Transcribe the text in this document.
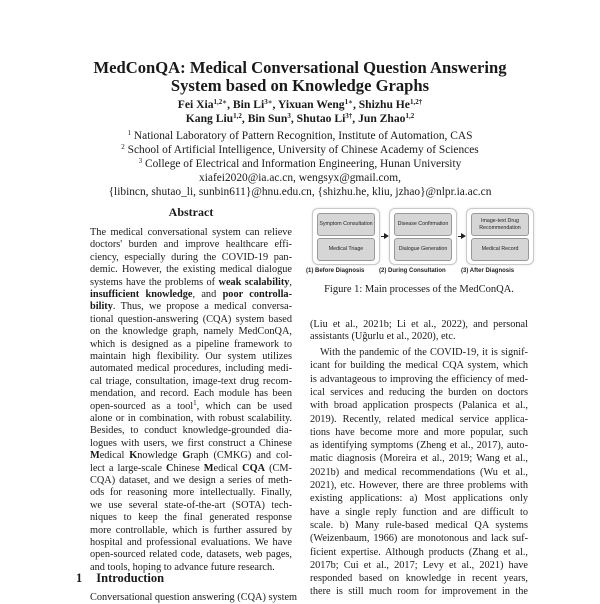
MedConQA: Medical Conversational Question Answering
System based on Knowledge Graphs
Fei Xia$^{1,2∗}$, Bin $Li^{3∗}$, Yixuan Weng$^{1∗}$, Shizhu $He^{1,2\dagger}$
Kang Liu$^{1,2}$, Bin Sun$^3$, Shutao $Li^{3\dagger}$, Jun Zhao$^{1,2}$
$^1$ National Laboratory of Pattern Recognition, Institute of Automation, CAS
$^2$ School of Artificial Intelligence, University of Chinese Academy of Sciences
$^3$ College of Electrical and Information Engineering, Hunan University
xiafei2020@ia.ac.cn, wengsyx@gmail.com,
{libincn, shutao_li, sunbin611}@hnu.edu.cn, {shizhu.he, kliu, jzhao}@nlpr.ia.ac.cn
Abstract
The medical conversational system can relieve
doctors' burden and improve healthcare effi-
ciency, especially during the COVID-19 pan-
demic. However, the existing medical dialogue
systems have the problems of weak scalability,
insufficient knowledge, and poor controlla-
bility. Thus, we propose a medical conversa-
tional question-answering (CQA) system based
on the knowledge graph, namely MedConQA,
which is designed as a pipeline framework to
maintain high flexibility. Our system utilizes
automated medical procedures, including medi-
cal triage, consultation, image-text drug recom-
mendation, and record. Each module has been
open-sourced as a tool$^1$, which can be used
alone or in combination, with robust scalability.
Besides, to conduct knowledge-grounded dia-
logues with users, we first construct a Chinese
Medical Knowledge Graph (CMKG) and col-
lect a large-scale Chinese Medical CQA (CM-
CQA) dataset, and we design a series of meth-
ods for reasoning more intellectually. Finally,
we use several state-of-the-art (SOTA) tech-
niques to keep the final generated response
more controllable, which is further assured by
hospital and professional evaluations. We have
open-sourced related code, datasets, web pages,
and tools, hoping to advance future research.
1 Introduction
Conversational question answering (CQA) system
Symptom Consultation
Medical Triage
(1) Before Diagnosis
Disease Confirmation
Dialogue Generation
(2) During Consultation
Image-text Drug Recommendation
Medical Record
(3) After Diagnosis
Figure 1: Main processes of the MedConQA.
(Liu et al., 2021b; Li et al., 2022), and personal
assistants (Uğurlu et al., 2020), etc.
With the pandemic of the COVID-19, it is signif-
icant for building the medical CQA system, which
is advantageous to improving the efficiency of med-
ical services and reducing the burden on doctors
with broad application prospects (Palanica et al.,
2019). Recently, related medical service applica-
tions have become more and more popular, such
as identifying symptoms (Zheng et al., 2017), auto-
matic diagnosis (Moreira et al., 2019; Wang et al.,
2021b) and medical recommendations (Wu et al.,
2021), etc. However, there are three problems with
existing applications: a) Most applications only
have a single reply function and are difficult to
scale. b) Many rule-based medical QA systems
(Weizenbaum, 1966) are monotonous and lack suf-
ficient expertise. Although products (Zhang et al.,
2017b; Cui et al., 2017; Levy et al., 2021) have
responded based on knowledge in recent years,
there is still much room for improvement in the
